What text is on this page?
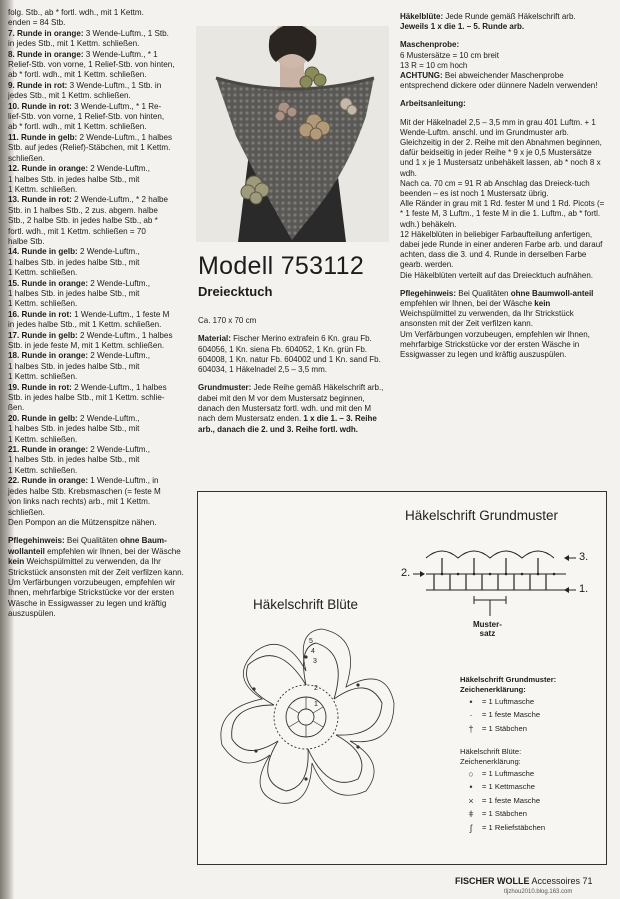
folg. Stb., ab * fortl. wdh., mit 1 Kettm.

enden = 84 Stb.

7. Runde in orange: 3 Wende-Luftm., 1 Stb.

in jedes Stb., mit 1 Kettm. schließen.

8. Runde in orange: 3 Wende-Luftm., * 1

Relief-Stb. von vorne, 1 Relief-Stb. von hinten,

ab * fortl. wdh., mit 1 Kettm. schließen.

9. Runde in rot: 3 Wende-Luftm., 1 Stb. in

jedes Stb., mit 1 Kettm. schließen.

10. Runde in rot: 3 Wende-Luftm., * 1 Re-

lief-Stb. von vorne, 1 Relief-Stb. von hinten,

ab * fortl. wdh., mit 1 Kettm. schließen.

11. Runde in gelb: 2 Wende-Luftm., 1 halbes

Stb. auf jedes (Relief)-Stäbchen, mit 1 Kettm.

schließen.

12. Runde in orange: 2 Wende-Luftm.,

1 halbes Stb. in jedes halbe Stb., mit

1 Kettm. schließen.

13. Runde in rot: 2 Wende-Luftm., * 2 halbe

Stb. in 1 halbes Stb., 2 zus. abgem. halbe

Stb., 2 halbe Stb. in jedes halbe Stb., ab *

fortl. wdh., mit 1 Kettm. schließen = 70

halbe Stb.

14. Runde in gelb: 2 Wende-Luftm.,

1 halbes Stb. in jedes halbe Stb., mit

1 Kettm. schließen.

15. Runde in orange: 2 Wende-Luftm.,

1 halbes Stb. in jedes halbe Stb., mit

1 Kettm. schließen.

16. Runde in rot: 1 Wende-Luftm., 1 feste M

in jedes halbe Stb., mit 1 Kettm. schließen.

17. Runde in gelb: 2 Wende-Luftm., 1 halbes

Stb. in jede feste M, mit 1 Kettm. schließen.

18. Runde in orange: 2 Wende-Luftm.,

1 halbes Stb. in jedes halbe Stb., mit

1 Kettm. schließen.

19. Runde in rot: 2 Wende-Luftm., 1 halbes

Stb. in jedes halbe Stb., mit 1 Kettm. schlie-

ßen.

20. Runde in gelb: 2 Wende-Luftm.,

1 halbes Stb. in jedes halbe Stb., mit

1 Kettm. schließen.

21. Runde in orange: 2 Wende-Luftm.,

1 halbes Stb. in jedes halbe Stb., mit

1 Kettm. schließen.

22. Runde in orange: 1 Wende-Luftm., in

jedes halbe Stb. Krebsmaschen (= feste M

von links nach rechts) arb., mit 1 Kettm.

schließen.

Den Pompon an die Mützenspitze nähen.

Pflegehinweis: Bei Qualitäten ohne Baum-wollanteil empfehlen wir Ihnen, bei der Wäsche kein Weichspülmittel zu verwenden, da Ihr Strickstück ansonsten mit der Zeit verfilzen kann.

Um Verfärbungen vorzubeugen, empfehlen wir Ihnen, mehrfarbige Strickstücke vor der ersten Wäsche in Essigwasser zu legen und kräftig auszuspülen.

Modell 753112
Dreiecktuch

Ca. 170 x 70 cm

Material: Fischer Merino extrafein 6 Kn. grau Fb. 604056, 1 Kn. siena Fb. 604052, 1 Kn. grün Fb. 604008, 1 Kn. natur Fb. 604002 und 1 Kn. sand Fb. 604034, 1 Häkelnadel 2,5 – 3,5 mm.

Grundmuster: Jede Reihe gemäß Häkelschrift arb., dabei mit den M vor dem Mustersatz beginnen, danach den Mustersatz fortl. wdh. und mit den M nach dem Mustersatz enden. 1 x die 1. – 3. Reihe arb., danach die 2. und 3. Reihe fortl. wdh.

Häkelblüte: Jede Runde gemäß Häkelschrift arb.

Jeweils 1 x die 1. – 5. Runde arb.

Maschenprobe:

6 Mustersätze = 10 cm breit

13 R = 10 cm hoch

ACHTUNG: Bei abweichender Maschenprobe entsprechend dickere oder dünnere Nadeln verwenden!

Arbeitsanleitung:

Mit der Häkelnadel 2,5 – 3,5 mm in grau 401 Luftm. + 1 Wende-Luftm. anschl. und im Grundmuster arb.
Gleichzeitig in der 2. Reihe mit den Abnahmen beginnen, dafür beidseitig in jeder Reihe * 9 x je 0,5 Mustersätze und 1 x je 1 Mustersatz unbehäkelt lassen, ab * noch 8 x wdh.
Nach ca. 70 cm = 91 R ab Anschlag das Dreieck-tuch beenden – es ist noch 1 Mustersatz übrig.
Alle Ränder in grau mit 1 Rd. fester M und 1 Rd. Picots (= * 1 feste M, 3 Luftm., 1 feste M in die 1. Luftm., ab * fortl. wdh.) behäkeln.
12 Häkelblüten in beliebiger Farbaufteilung anfertigen, dabei jede Runde in einer anderen Farbe arb. und darauf achten, dass die 3. und 4. Runde in derselben Farbe gearb. werden.
Die Häkelblüten verteilt auf das Dreiecktuch aufnähen.

Pflegehinweis: Bei Qualitäten ohne Baumwoll-anteil empfehlen wir Ihnen, bei der Wäsche kein Weichspülmittel zu verwenden, da Ihr Strickstück ansonsten mit der Zeit verfilzen kann.
Um Verfärbungen vorzubeugen, empfehlen wir Ihnen, mehrfarbige Strickstücke vor der ersten Wäsche in Essigwasser zu legen und kräftig auszuspülen.

Häkelschrift Grundmuster
Häkelschrift Blüte
5
4
3
2
1
2.
3.
1.
Muster-
satz
Häkelschrift Grundmuster:
Zeichenerklärung:
•	= 1 Luftmasche
·	= 1 feste Masche
†	= 1 Stäbchen
Häkelschrift Blüte:
Zeichenerklärung:
○	= 1 Luftmasche
•	= 1 Kettmasche
×	= 1 feste Masche
ǂ	= 1 Stäbchen
ʃ	= 1 Reliefstäbchen
FISCHER WOLLE Accessoires 71
tljzhou2010.blog.163.com
